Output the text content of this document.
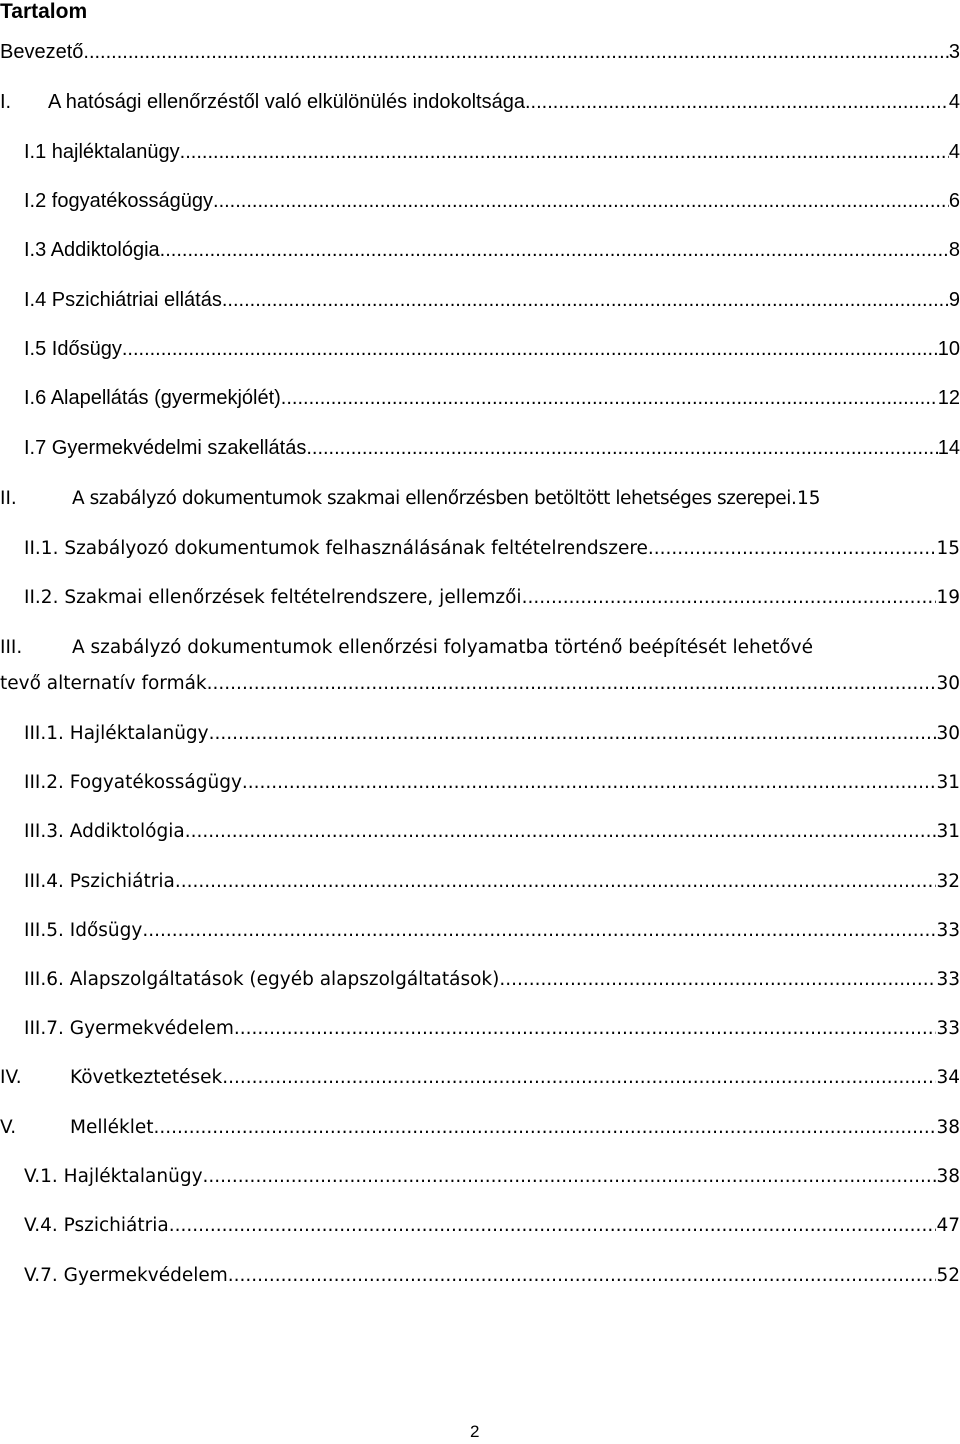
Tartalom
Bevezető .....	3
I.	A hatósági ellenőrzéstől való elkülönülés indokoltsága .....	4
I.1 hajléktalanügy .....	4
I.2 fogyatékosságügy .....	6
I.3 Addiktológia .....	8
I.4 Pszichiátriai ellátás .....	9
I.5 Idősügy .....	10
I.6 Alapellátás (gyermekjólét) .....	12
I.7 Gyermekvédelmi szakellátás .....	14
II.	A szabályzó dokumentumok szakmai ellenőrzésben betöltött lehetséges szerepei ..... 15
II.1. Szabályozó dokumentumok felhasználásának feltételrendszere .....	15
II.2. Szakmai ellenőrzések feltételrendszere, jellemzői .....	19
III.	A szabályzó dokumentumok ellenőrzési folyamatba történő beépítését lehetővé
tevő alternatív formák .....	30
III.1. Hajléktalanügy .....	30
III.2. Fogyatékosságügy .....	31
III.3. Addiktológia .....	31
III.4. Pszichiátria .....	32
III.5. Idősügy .....	33
III.6. Alapszolgáltatások (egyéb alapszolgáltatások) .....	33
III.7. Gyermekvédelem .....	33
IV.	Következtetések .....	34
V.	Melléklet .....	38
V.1. Hajléktalanügy .....	38
V.4. Pszichiátria .....	47
V.7. Gyermekvédelem .....	52
2
